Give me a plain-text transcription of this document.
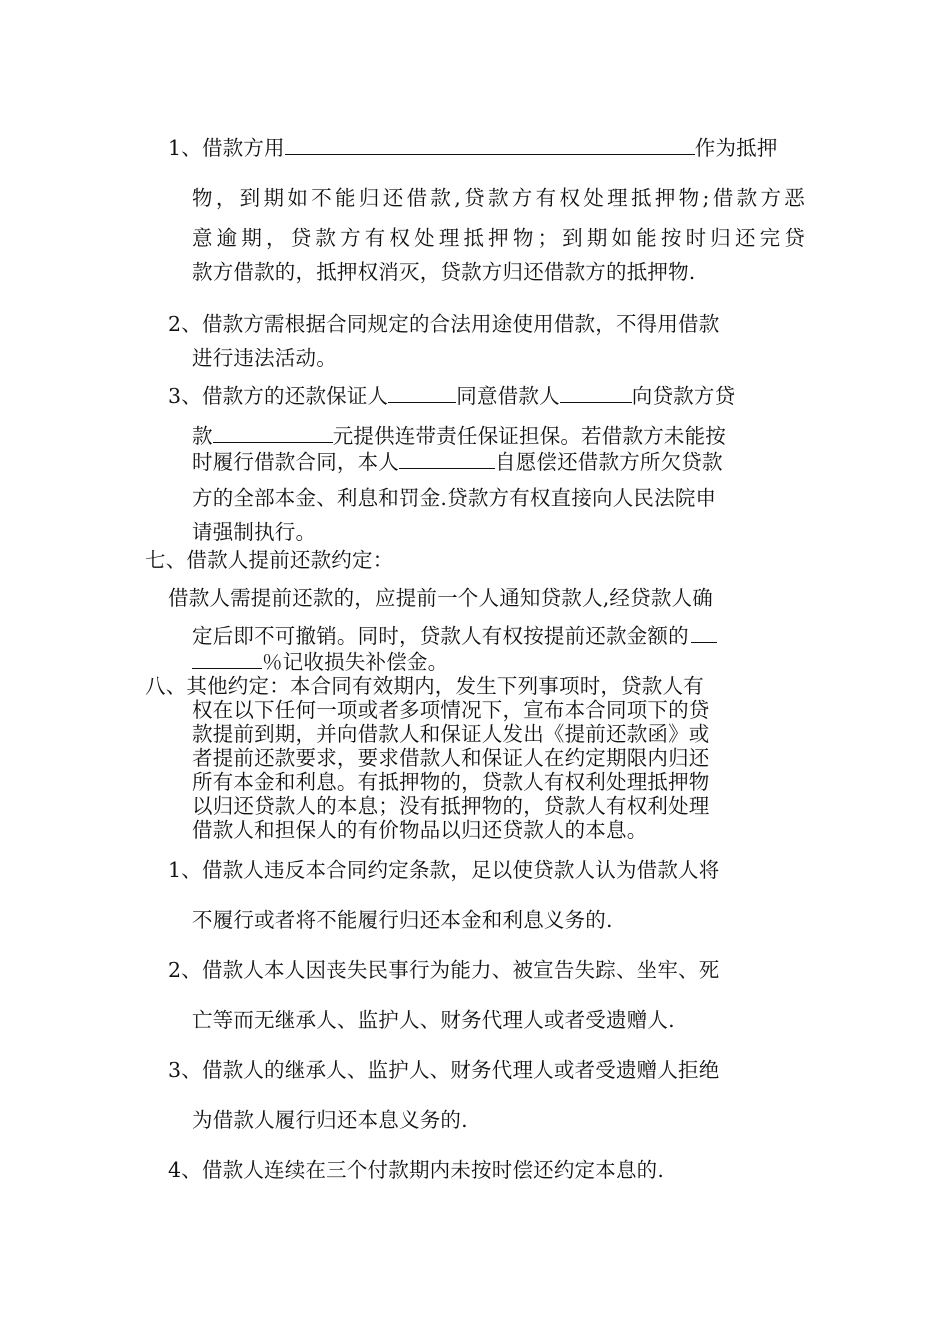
1、借款方用	作为抵押

物，到期如不能归还借款,贷款方有权处理抵押物;借款方恶

意逾期，贷款方有权处理抵押物；到期如能按时归还完贷

款方借款的，抵押权消灭，贷款方归还借款方的抵押物.

2、借款方需根据合同规定的合法用途使用借款，不得用借款

进行违法活动。

3、借款方的还款保证人	同意借款人	向贷款方贷

款	元提供连带责任保证担保。若借款方未能按

时履行借款合同，本人	自愿偿还借款方所欠贷款

方的全部本金、利息和罚金.贷款方有权直接向人民法院申

请强制执行。

七、借款人提前还款约定：

借款人需提前还款的，应提前一个人通知贷款人,经贷款人确

定后即不可撤销。同时，贷款人有权按提前还款金额的

％记收损失补偿金。

八、其他约定：本合同有效期内，发生下列事项时，贷款人有

权在以下任何一项或者多项情况下，宣布本合同项下的贷

款提前到期，并向借款人和保证人发出《提前还款函》或

者提前还款要求，要求借款人和保证人在约定期限内归还

所有本金和利息。有抵押物的，贷款人有权利处理抵押物

以归还贷款人的本息；没有抵押物的，贷款人有权利处理

借款人和担保人的有价物品以归还贷款人的本息。

1、借款人违反本合同约定条款，足以使贷款人认为借款人将

不履行或者将不能履行归还本金和利息义务的.

2、借款人本人因丧失民事行为能力、被宣告失踪、坐牢、死

亡等而无继承人、监护人、财务代理人或者受遗赠人.

3、借款人的继承人、监护人、财务代理人或者受遗赠人拒绝

为借款人履行归还本息义务的.

4、借款人连续在三个付款期内未按时偿还约定本息的.
